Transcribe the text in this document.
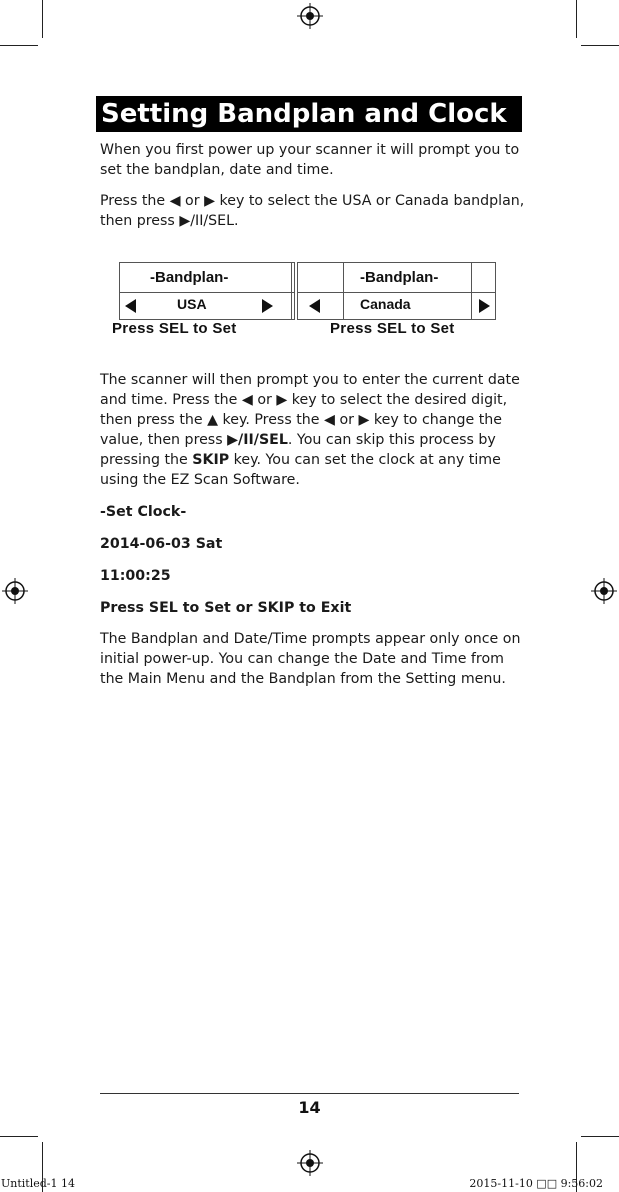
Setting Bandplan and Clock
When you first power up your scanner it will prompt you to set the bandplan, date and time.
Press the ◀ or ▶ key to select the USA or Canada bandplan, then press ▶/II/SEL.
-Bandplan-
USA
Press SEL to Set
-Bandplan-
Canada
Press SEL to Set
The scanner will then prompt you to enter the current date and time. Press the ◀ or ▶ key to select the desired digit, then press the ▲ key. Press the ◀ or ▶ key to change the value, then press ▶/II/SEL. You can skip this process by pressing the SKIP key. You can set the clock at any time using the EZ Scan Software.
-Set Clock-
2014-06-03 Sat
11:00:25
Press SEL to Set or SKIP to Exit
The Bandplan and Date/Time prompts appear only once on initial power-up. You can change the Date and Time from the Main Menu and the Bandplan from the Setting menu.
14
Untitled-1 14	2015-11-10 □□ 9:56:02
